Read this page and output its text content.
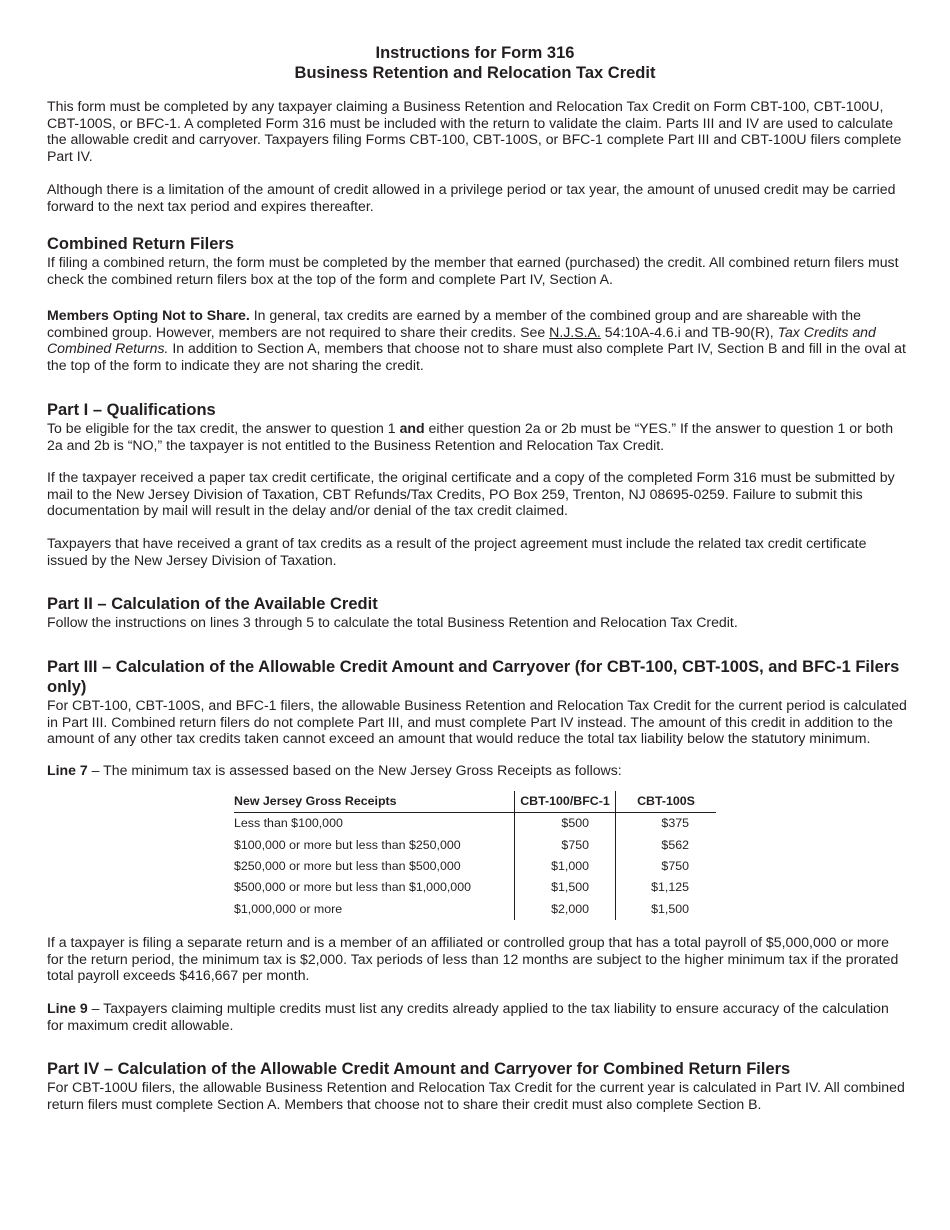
Instructions for Form 316
Business Retention and Relocation Tax Credit

This form must be completed by any taxpayer claiming a Business Retention and Relocation Tax Credit on Form CBT-100, CBT-100U, CBT-100S, or BFC-1. A completed Form 316 must be included with the return to validate the claim. Parts III and IV are used to calculate the allowable credit and carryover. Taxpayers filing Forms CBT-100, CBT-100S, or BFC-1 complete Part III and CBT-100U filers complete Part IV.

Although there is a limitation of the amount of credit allowed in a privilege period or tax year, the amount of unused credit may be carried forward to the next tax period and expires thereafter.

Combined Return Filers

If filing a combined return, the form must be completed by the member that earned (purchased) the credit. All combined return filers must check the combined return filers box at the top of the form and complete Part IV, Section A.

Members Opting Not to Share. In general, tax credits are earned by a member of the combined group and are shareable with the combined group. However, members are not required to share their credits. See N.J.S.A. 54:10A-4.6.i and TB-90(R), Tax Credits and Combined Returns. In addition to Section A, members that choose not to share must also complete Part IV, Section B and fill in the oval at the top of the form to indicate they are not sharing the credit.

Part I – Qualifications

To be eligible for the tax credit, the answer to question 1 and either question 2a or 2b must be “YES.” If the answer to question 1 or both 2a and 2b is “NO,” the taxpayer is not entitled to the Business Retention and Relocation Tax Credit.

If the taxpayer received a paper tax credit certificate, the original certificate and a copy of the completed Form 316 must be submitted by mail to the New Jersey Division of Taxation, CBT Refunds/Tax Credits, PO Box 259, Trenton, NJ 08695-0259. Failure to submit this documentation by mail will result in the delay and/or denial of the tax credit claimed.

Taxpayers that have received a grant of tax credits as a result of the project agreement must include the related tax credit certificate issued by the New Jersey Division of Taxation.

Part II – Calculation of the Available Credit

Follow the instructions on lines 3 through 5 to calculate the total Business Retention and Relocation Tax Credit.

Part III – Calculation of the Allowable Credit Amount and Carryover (for CBT-100, CBT-100S, and BFC-1 Filers only)

For CBT-100, CBT-100S, and BFC-1 filers, the allowable Business Retention and Relocation Tax Credit for the current period is calculated in Part III. Combined return filers do not complete Part III, and must complete Part IV instead. The amount of this credit in addition to the amount of any other tax credits taken cannot exceed an amount that would reduce the total tax liability below the statutory minimum.

Line 7 – The minimum tax is assessed based on the New Jersey Gross Receipts as follows:

New Jersey Gross Receipts	CBT-100/BFC-1	CBT-100S
Less than $100,000	$500	$375
$100,000 or more but less than $250,000	$750	$562
$250,000 or more but less than $500,000	$1,000	$750
$500,000 or more but less than $1,000,000	$1,500	$1,125
$1,000,000 or more	$2,000	$1,500

If a taxpayer is filing a separate return and is a member of an affiliated or controlled group that has a total payroll of $5,000,000 or more for the return period, the minimum tax is $2,000. Tax periods of less than 12 months are subject to the higher minimum tax if the prorated total payroll exceeds $416,667 per month.

Line 9 – Taxpayers claiming multiple credits must list any credits already applied to the tax liability to ensure accuracy of the calculation for maximum credit allowable.

Part IV – Calculation of the Allowable Credit Amount and Carryover for Combined Return Filers

For CBT-100U filers, the allowable Business Retention and Relocation Tax Credit for the current year is calculated in Part IV. All combined return filers must complete Section A. Members that choose not to share their credit must also complete Section B.
